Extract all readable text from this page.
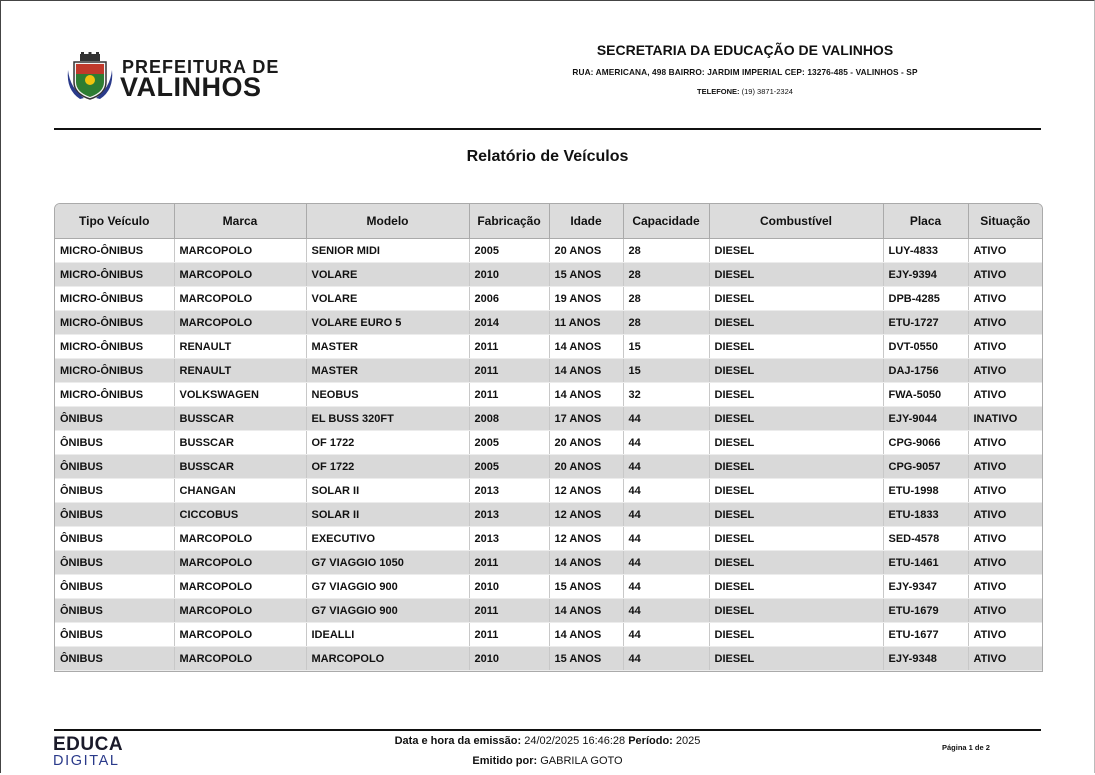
PREFEITURA DE
VALINHOS
SECRETARIA DA EDUCAÇÃO DE VALINHOS
RUA: AMERICANA, 498 BAIRRO: JARDIM IMPERIAL CEP: 13276-485 - VALINHOS - SP
TELEFONE: (19) 3871-2324
Relatório de Veículos
Tipo Veículo	Marca	Modelo	Fabricação	Idade	Capacidade	Combustível	Placa	Situação
MICRO-ÔNIBUS	MARCOPOLO	SENIOR MIDI	2005	20 ANOS	28	DIESEL	LUY-4833	ATIVO
MICRO-ÔNIBUS	MARCOPOLO	VOLARE	2010	15 ANOS	28	DIESEL	EJY-9394	ATIVO
MICRO-ÔNIBUS	MARCOPOLO	VOLARE	2006	19 ANOS	28	DIESEL	DPB-4285	ATIVO
MICRO-ÔNIBUS	MARCOPOLO	VOLARE EURO 5	2014	11 ANOS	28	DIESEL	ETU-1727	ATIVO
MICRO-ÔNIBUS	RENAULT	MASTER	2011	14 ANOS	15	DIESEL	DVT-0550	ATIVO
MICRO-ÔNIBUS	RENAULT	MASTER	2011	14 ANOS	15	DIESEL	DAJ-1756	ATIVO
MICRO-ÔNIBUS	VOLKSWAGEN	NEOBUS	2011	14 ANOS	32	DIESEL	FWA-5050	ATIVO
ÔNIBUS	BUSSCAR	EL BUSS 320FT	2008	17 ANOS	44	DIESEL	EJY-9044	INATIVO
ÔNIBUS	BUSSCAR	OF 1722	2005	20 ANOS	44	DIESEL	CPG-9066	ATIVO
ÔNIBUS	BUSSCAR	OF 1722	2005	20 ANOS	44	DIESEL	CPG-9057	ATIVO
ÔNIBUS	CHANGAN	SOLAR II	2013	12 ANOS	44	DIESEL	ETU-1998	ATIVO
ÔNIBUS	CICCOBUS	SOLAR II	2013	12 ANOS	44	DIESEL	ETU-1833	ATIVO
ÔNIBUS	MARCOPOLO	EXECUTIVO	2013	12 ANOS	44	DIESEL	SED-4578	ATIVO
ÔNIBUS	MARCOPOLO	G7 VIAGGIO 1050	2011	14 ANOS	44	DIESEL	ETU-1461	ATIVO
ÔNIBUS	MARCOPOLO	G7 VIAGGIO 900	2010	15 ANOS	44	DIESEL	EJY-9347	ATIVO
ÔNIBUS	MARCOPOLO	G7 VIAGGIO 900	2011	14 ANOS	44	DIESEL	ETU-1679	ATIVO
ÔNIBUS	MARCOPOLO	IDEALLI	2011	14 ANOS	44	DIESEL	ETU-1677	ATIVO
ÔNIBUS	MARCOPOLO	MARCOPOLO	2010	15 ANOS	44	DIESEL	EJY-9348	ATIVO
EDUCA
DIGITAL
Data e hora da emissão: 24/02/2025 16:46:28 Período: 2025
Emitido por: GABRILA GOTO
Página 1 de 2
